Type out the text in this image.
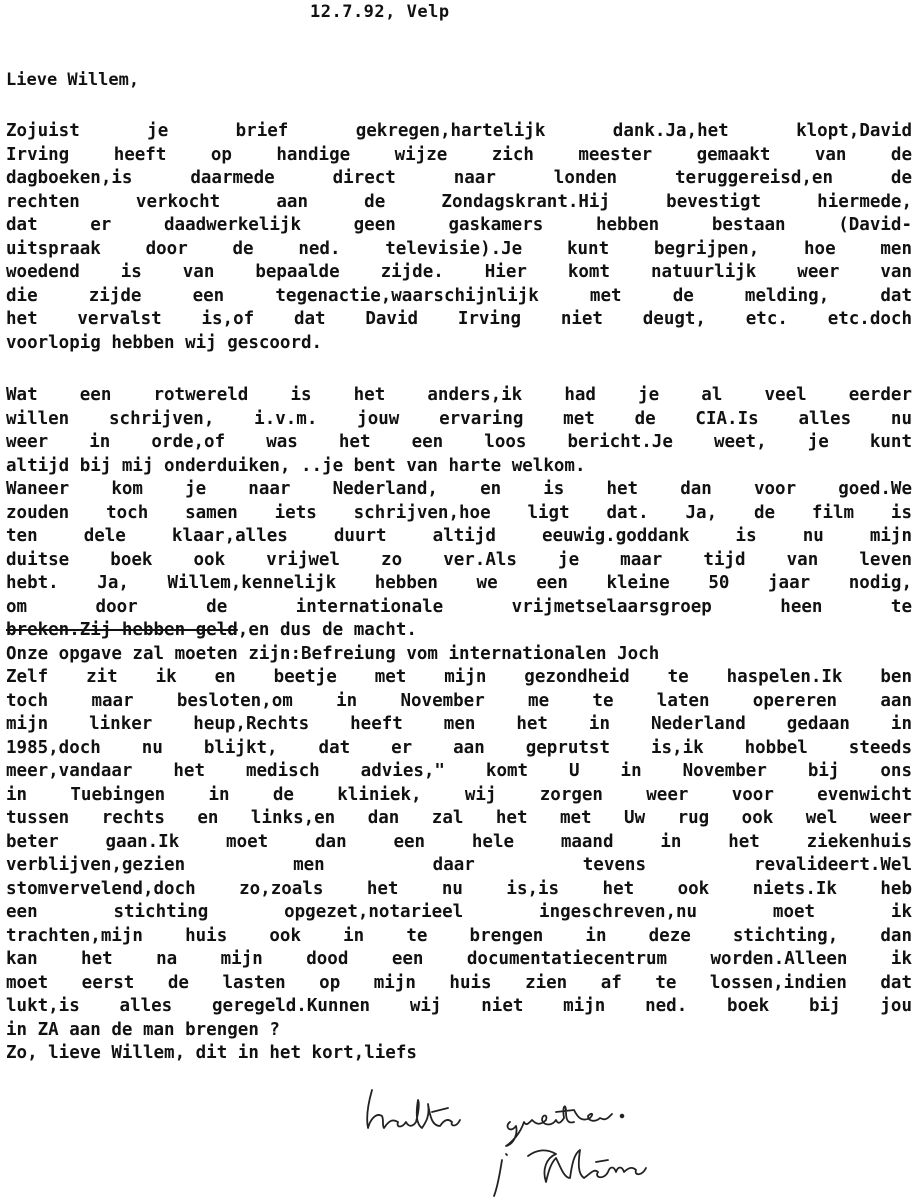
12.7.92, Velp
Lieve Willem,
Zojuist je brief gekregen,hartelijk dank.Ja,het klopt,David
Irving heeft op handige wijze zich meester gemaakt van de
dagboeken,is daarmede direct naar londen teruggereisd,en de
rechten verkocht aan de Zondagskrant.Hij bevestigt hiermede,
dat er daadwerkelijk geen gaskamers hebben bestaan (David-
uitspraak door de ned. televisie).Je kunt begrijpen, hoe men
woedend is van bepaalde zijde. Hier komt natuurlijk weer van
die zijde een tegenactie,waarschijnlijk met de melding, dat
het vervalst is,of dat David Irving niet deugt, etc. etc.doch
voorlopig hebben wij gescoord.
Wat een rotwereld is het anders,ik had je al veel eerder
willen schrijven, i.v.m. jouw ervaring met de CIA.Is alles nu
weer in orde,of was het een loos bericht.Je weet, je kunt
altijd bij mij onderduiken, ..je bent van harte welkom.
Waneer kom je naar Nederland, en is het dan voor goed.We
zouden toch samen iets schrijven,hoe ligt dat. Ja, de film is
ten dele klaar,alles duurt altijd eeuwig.goddank is nu mijn
duitse boek ook vrijwel zo ver.Als je maar tijd van leven
hebt. Ja, Willem,kennelijk hebben we een kleine 50 jaar nodig,
om door de internationale vrijmetselaarsgroep heen te
breken.Zij hebben geld,en dus de macht.
Onze opgave zal moeten zijn:Befreiung vom internationalen Joch
Zelf zit ik en beetje met mijn gezondheid te haspelen.Ik ben
toch maar besloten,om in November me te laten opereren aan
mijn linker heup,Rechts heeft men het in Nederland gedaan in
1985,doch nu blijkt, dat er aan geprutst is,ik hobbel steeds
meer,vandaar het medisch advies," komt U in November bij ons
in Tuebingen in de kliniek, wij zorgen weer voor evenwicht
tussen rechts en links,en dan zal het met Uw rug ook wel weer
beter gaan.Ik moet dan een hele maand in het ziekenhuis
verblijven,gezien men daar tevens revalideert.Wel
stomvervelend,doch zo,zoals het nu is,is het ook niets.Ik heb
een stichting opgezet,notarieel ingeschreven,nu moet ik
trachten,mijn huis ook in te brengen in deze stichting, dan
kan het na mijn dood een documentatiecentrum worden.Alleen ik
moet eerst de lasten op mijn huis zien af te lossen,indien dat
lukt,is alles geregeld.Kunnen wij niet mijn ned. boek bij jou
in ZA aan de man brengen ?
Zo, lieve Willem, dit in het kort,liefs
